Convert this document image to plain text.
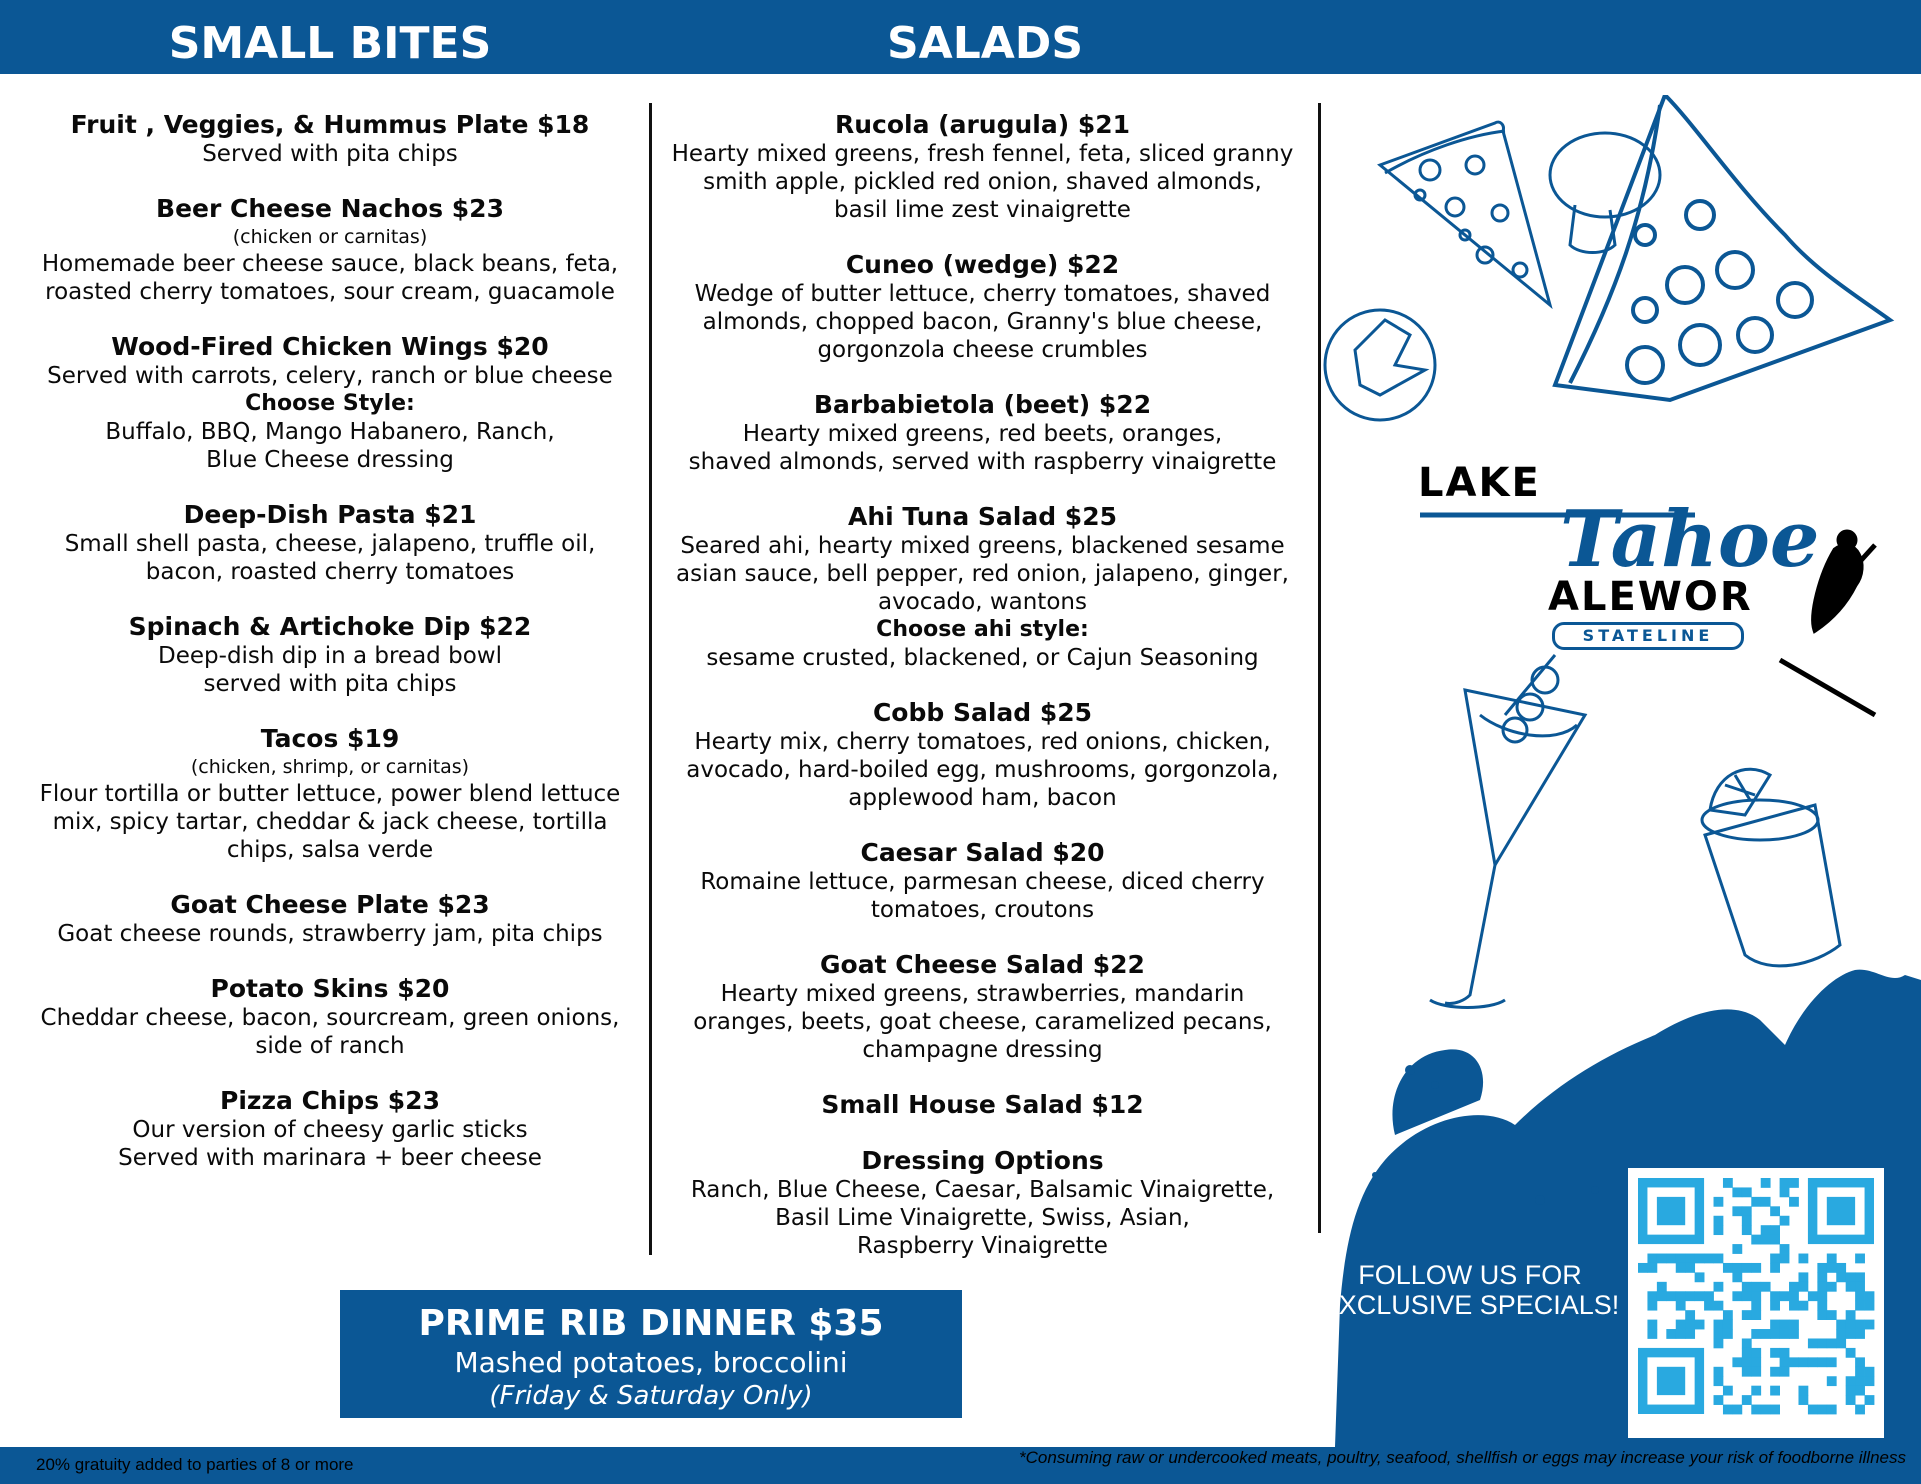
SMALL BITES	SALADS
Fruit , Veggies, & Hummus Plate $18
Served with pita chips
Beer Cheese Nachos $23
(chicken or carnitas)
Homemade beer cheese sauce, black beans, feta,
roasted cherry tomatoes, sour cream, guacamole
Wood-Fired Chicken Wings $20
Served with carrots, celery, ranch or blue cheese
Choose Style:
Buffalo, BBQ, Mango Habanero, Ranch,
Blue Cheese dressing
Deep-Dish Pasta $21
Small shell pasta, cheese, jalapeno, truffle oil,
bacon, roasted cherry tomatoes
Spinach & Artichoke Dip $22
Deep-dish dip in a bread bowl
served with pita chips
Tacos $19
(chicken, shrimp, or carnitas)
Flour tortilla or butter lettuce, power blend lettuce
mix, spicy tartar, cheddar & jack cheese, tortilla
chips, salsa verde
Goat Cheese Plate $23
Goat cheese rounds, strawberry jam, pita chips
Potato Skins $20
Cheddar cheese, bacon, sourcream, green onions,
side of ranch
Pizza Chips $23
Our version of cheesy garlic sticks
Served with marinara + beer cheese
Rucola (arugula) $21
Hearty mixed greens, fresh fennel, feta, sliced granny
smith apple, pickled red onion, shaved almonds,
basil lime zest vinaigrette
Cuneo (wedge) $22
Wedge of butter lettuce, cherry tomatoes, shaved
almonds, chopped bacon, Granny's blue cheese,
gorgonzola cheese crumbles
Barbabietola (beet) $22
Hearty mixed greens, red beets, oranges,
shaved almonds, served with raspberry vinaigrette
Ahi Tuna Salad $25
Seared ahi, hearty mixed greens, blackened sesame
asian sauce, bell pepper, red onion, jalapeno, ginger,
avocado, wantons
Choose ahi style:
sesame crusted, blackened, or Cajun Seasoning
Cobb Salad $25
Hearty mix, cherry tomatoes, red onions, chicken,
avocado, hard-boiled egg, mushrooms, gorgonzola,
applewood ham, bacon
Caesar Salad $20
Romaine lettuce, parmesan cheese, diced cherry
tomatoes, croutons
Goat Cheese Salad $22
Hearty mixed greens, strawberries, mandarin
oranges, beets, goat cheese, caramelized pecans,
champagne dressing
Small House Salad $12
Dressing Options
Ranch, Blue Cheese, Caesar, Balsamic Vinaigrette,
Basil Lime Vinaigrette, Swiss, Asian,
Raspberry Vinaigrette
LAKE
Tahoe
ALEWOR
STATELINE
FOLLOW US FOR
EXCLUSIVE SPECIALS!
PRIME RIB DINNER $35
Mashed potatoes, broccolini
(Friday & Saturday Only)
20% gratuity added to parties of 8 or more	*Consuming raw or undercooked meats, poultry, seafood, shellfish or eggs may increase your risk of foodborne illness
